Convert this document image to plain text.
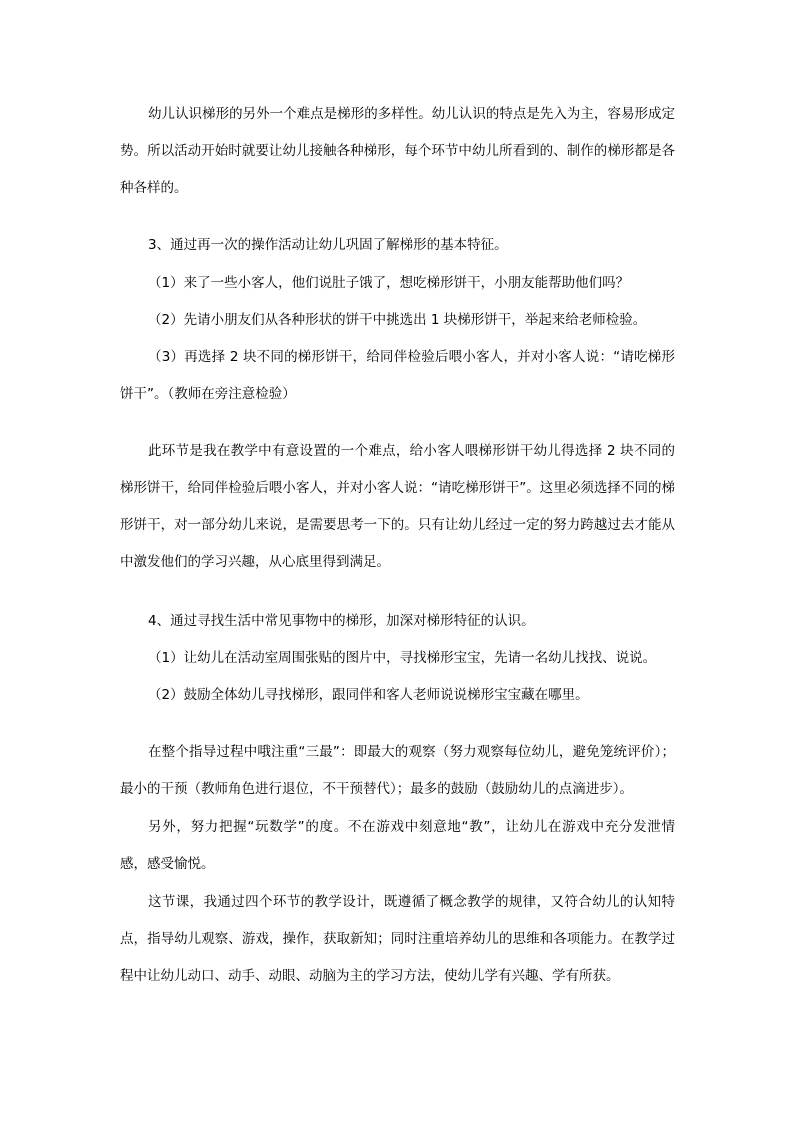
幼儿认识梯形的另外一个难点是梯形的多样性。幼儿认识的特点是先入为主，容易形成定势。所以活动开始时就要让幼儿接触各种梯形，每个环节中幼儿所看到的、制作的梯形都是各种各样的。

3、通过再一次的操作活动让幼儿巩固了解梯形的基本特征。

（1）来了一些小客人，他们说肚子饿了，想吃梯形饼干，小朋友能帮助他们吗？

（2）先请小朋友们从各种形状的饼干中挑选出 1 块梯形饼干，举起来给老师检验。

（3）再选择 2 块不同的梯形饼干，给同伴检验后喂小客人，并对小客人说：“请吃梯形饼干”。（教师在旁注意检验）

此环节是我在教学中有意设置的一个难点，给小客人喂梯形饼干幼儿得选择 2 块不同的梯形饼干，给同伴检验后喂小客人，并对小客人说：“请吃梯形饼干”。这里必须选择不同的梯形饼干，对一部分幼儿来说，是需要思考一下的。只有让幼儿经过一定的努力跨越过去才能从中激发他们的学习兴趣，从心底里得到满足。

4、通过寻找生活中常见事物中的梯形，加深对梯形特征的认识。

（1）让幼儿在活动室周围张贴的图片中，寻找梯形宝宝，先请一名幼儿找找、说说。

（2）鼓励全体幼儿寻找梯形，跟同伴和客人老师说说梯形宝宝藏在哪里。

在整个指导过程中哦注重“三最”：即最大的观察（努力观察每位幼儿，避免笼统评价）；最小的干预（教师角色进行退位，不干预替代）；最多的鼓励（鼓励幼儿的点滴进步）。

另外，努力把握“玩数学”的度。不在游戏中刻意地“教”，让幼儿在游戏中充分发泄情感，感受愉悦。

这节课，我通过四个环节的教学设计，既遵循了概念教学的规律，又符合幼儿的认知特点，指导幼儿观察、游戏，操作，获取新知；同时注重培养幼儿的思维和各项能力。在教学过程中让幼儿动口、动手、动眼、动脑为主的学习方法，使幼儿学有兴趣、学有所获。
